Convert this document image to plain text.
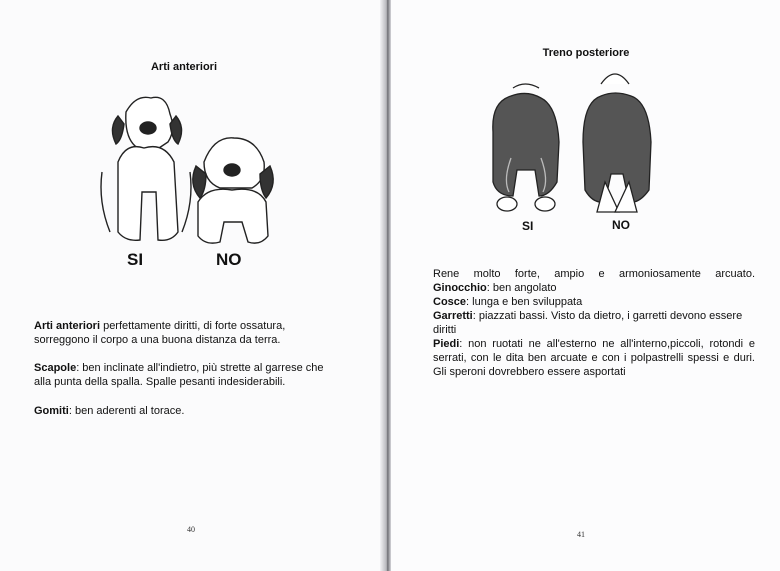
Arti anteriori
SI	NO

Arti anteriori perfettamente diritti, di forte ossatura, sorreggono il corpo a una buona distanza da terra.

Scapole: ben inclinate all'indietro, più strette al garrese che alla punta della spalla. Spalle pesanti indesiderabili.

Gomiti: ben aderenti al torace.

40
Treno posteriore
SI	NO

Rene molto forte, ampio e armoniosamente arcuato.

Ginocchio: ben angolato

Cosce: lunga e ben sviluppata

Garretti: piazzati bassi. Visto da dietro, i garretti devono essere diritti

Piedi: non ruotati ne all'esterno ne all'interno,piccoli, rotondi e serrati, con le dita ben arcuate e con i polpastrelli spessi e duri. Gli speroni dovrebbero essere asportati

41
